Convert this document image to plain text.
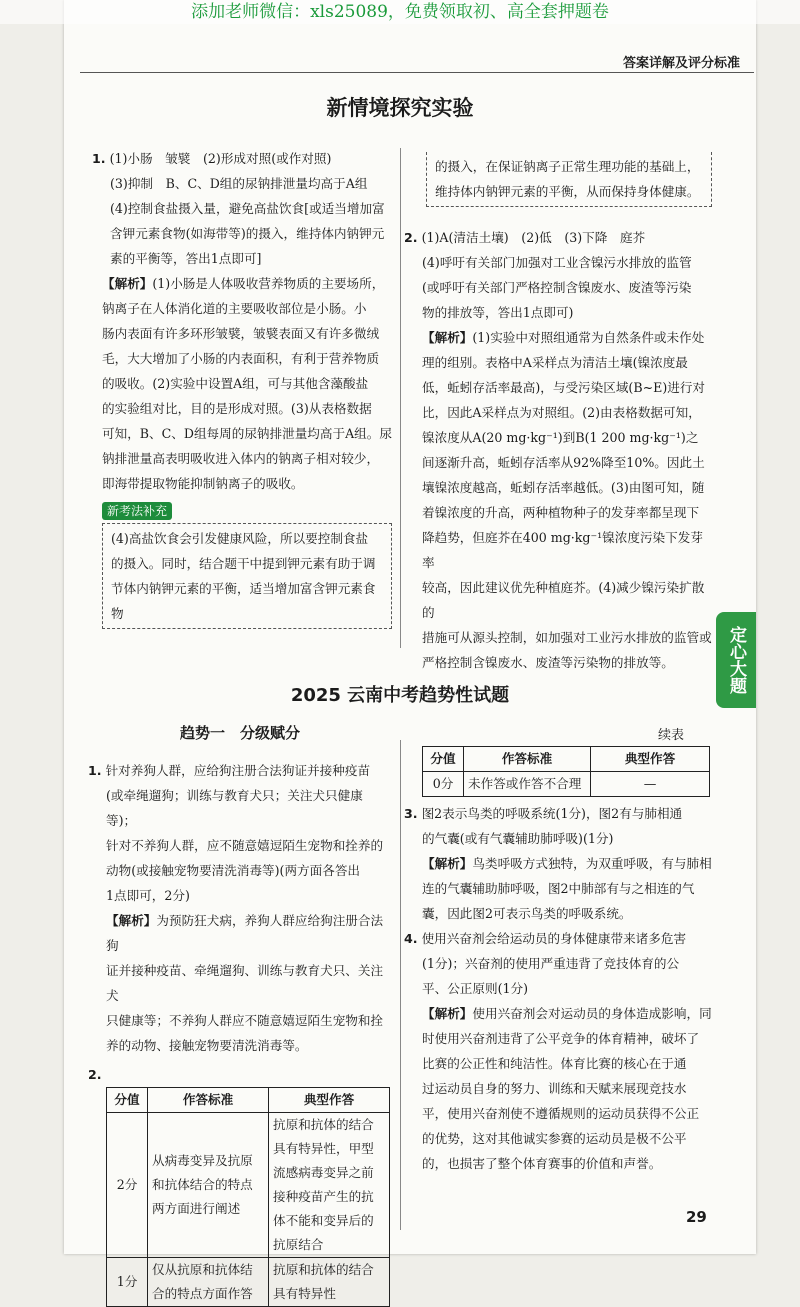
添加老师微信：xls25089，免费领取初、高全套押题卷
答案详解及评分标准
新情境探究实验

1. (1)小肠　皱襞　(2)形成对照(或作对照)

(3)抑制　B、C、D组的尿钠排泄量均高于A组

(4)控制食盐摄入量，避免高盐饮食[或适当增加富

含钾元素食物(如海带等)的摄入，维持体内钠钾元

素的平衡等，答出1点即可]

【解析】(1)小肠是人体吸收营养物质的主要场所，

钠离子在人体消化道的主要吸收部位是小肠。小

肠内表面有许多环形皱襞，皱襞表面又有许多微绒

毛，大大增加了小肠的内表面积，有利于营养物质

的吸收。(2)实验中设置A组，可与其他含藻酸盐

的实验组对比，目的是形成对照。(3)从表格数据

可知，B、C、D组每周的尿钠排泄量均高于A组。尿

钠排泄量高表明吸收进入体内的钠离子相对较少，

即海带提取物能抑制钠离子的吸收。

新考法补充

(4)高盐饮食会引发健康风险，所以要控制食盐

的摄入。同时，结合题干中提到钾元素有助于调

节体内钠钾元素的平衡，适当增加富含钾元素食物

的摄入，在保证钠离子正常生理功能的基础上，

维持体内钠钾元素的平衡，从而保持身体健康。

2. (1)A(清洁土壤)　(2)低　(3)下降　庭芥

(4)呼吁有关部门加强对工业含镍污水排放的监管

(或呼吁有关部门严格控制含镍废水、废渣等污染

物的排放等，答出1点即可)

【解析】(1)实验中对照组通常为自然条件或未作处

理的组别。表格中A采样点为清洁土壤(镍浓度最

低，蚯蚓存活率最高)，与受污染区域(B~E)进行对

比，因此A采样点为对照组。(2)由表格数据可知，

镍浓度从A(20 mg·kg⁻¹)到B(1 200 mg·kg⁻¹)之

间逐渐升高，蚯蚓存活率从92%降至10%。因此土

壤镍浓度越高，蚯蚓存活率越低。(3)由图可知，随

着镍浓度的升高，两种植物种子的发芽率都呈现下

降趋势，但庭芥在400 mg·kg⁻¹镍浓度污染下发芽率

较高，因此建议优先种植庭芥。(4)减少镍污染扩散的

措施可从源头控制，如加强对工业污水排放的监管或

严格控制含镍废水、废渣等污染物的排放等。	定心大题
2025 云南中考趋势性试题
趋势一　分级赋分	续表

1. 针对养狗人群，应给狗注册合法狗证并接种疫苗

(或牵绳遛狗；训练与教育犬只；关注犬只健康等)；

针对不养狗人群，应不随意嬉逗陌生宠物和拴养的

动物(或接触宠物要清洗消毒等)(两方面各答出

1点即可，2分)

【解析】为预防狂犬病，养狗人群应给狗注册合法狗

证并接种疫苗、牵绳遛狗、训练与教育犬只、关注犬

只健康等；不养狗人群应不随意嬉逗陌生宠物和拴

养的动物、接触宠物要清洗消毒等。

2.

分值	作答标准	典型作答
2分	从病毒变异及抗原和抗体结合的特点两方面进行阐述	抗原和抗体的结合具有特异性，甲型流感病毒变异之前接种疫苗产生的抗体不能和变异后的抗原结合
1分	仅从抗原和抗体结合的特点方面作答	抗原和抗体的结合具有特异性
分值	作答标准	典型作答
0分	未作答或作答不合理	—

3. 图2表示鸟类的呼吸系统(1分)，图2有与肺相通

的气囊(或有气囊辅助肺呼吸)(1分)

【解析】鸟类呼吸方式独特，为双重呼吸，有与肺相

连的气囊辅助肺呼吸，图2中肺部有与之相连的气

囊，因此图2可表示鸟类的呼吸系统。

4. 使用兴奋剂会给运动员的身体健康带来诸多危害

(1分)；兴奋剂的使用严重违背了竞技体育的公

平、公正原则(1分)

【解析】使用兴奋剂会对运动员的身体造成影响，同

时使用兴奋剂违背了公平竞争的体育精神，破坏了

比赛的公正性和纯洁性。体育比赛的核心在于通

过运动员自身的努力、训练和天赋来展现竞技水

平，使用兴奋剂使不遵循规则的运动员获得不公正

的优势，这对其他诚实参赛的运动员是极不公平

的，也损害了整个体育赛事的价值和声誉。

29
